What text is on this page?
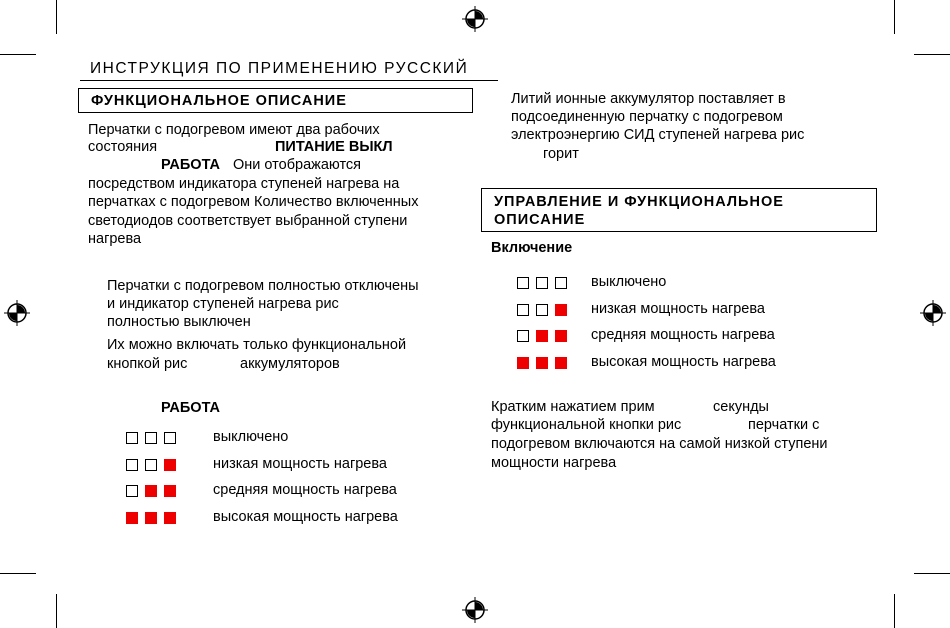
ИНСТРУКЦИЯ ПО ПРИМЕНЕНИЮ РУССКИЙ
ФУНКЦИОНАЛЬНОЕ ОПИСАНИЕ
Перчатки с подогревом имеют два рабочих
состояния	ПИТАНИЕ ВЫКЛ
РАБОТА Они отображаются
посредством индикатора ступеней нагрева на
перчатках с подогревом Количество включенных
светодиодов соответствует выбранной ступени
нагрева
Перчатки с подогревом полностью отключены
и индикатор ступеней нагрева рис
полностью выключен
Их можно включать только функциональной
кнопкой рис	аккумуляторов
РАБОТА
выключено
низкая мощность нагрева
средняя мощность нагрева
высокая мощность нагрева
Литий ионные аккумулятор поставляет в
подсоединенную перчатку с подогревом
электроэнергию СИД ступеней нагрева рис
горит
УПРАВЛЕНИЕ И ФУНКЦИОНАЛЬНОЕ
ОПИСАНИЕ
Включение
выключено
низкая мощность нагрева
средняя мощность нагрева
высокая мощность нагрева
Кратким нажатием прим	секунды
функциональной кнопки рис	перчатки с
подогревом включаются на самой низкой ступени
мощности нагрева
